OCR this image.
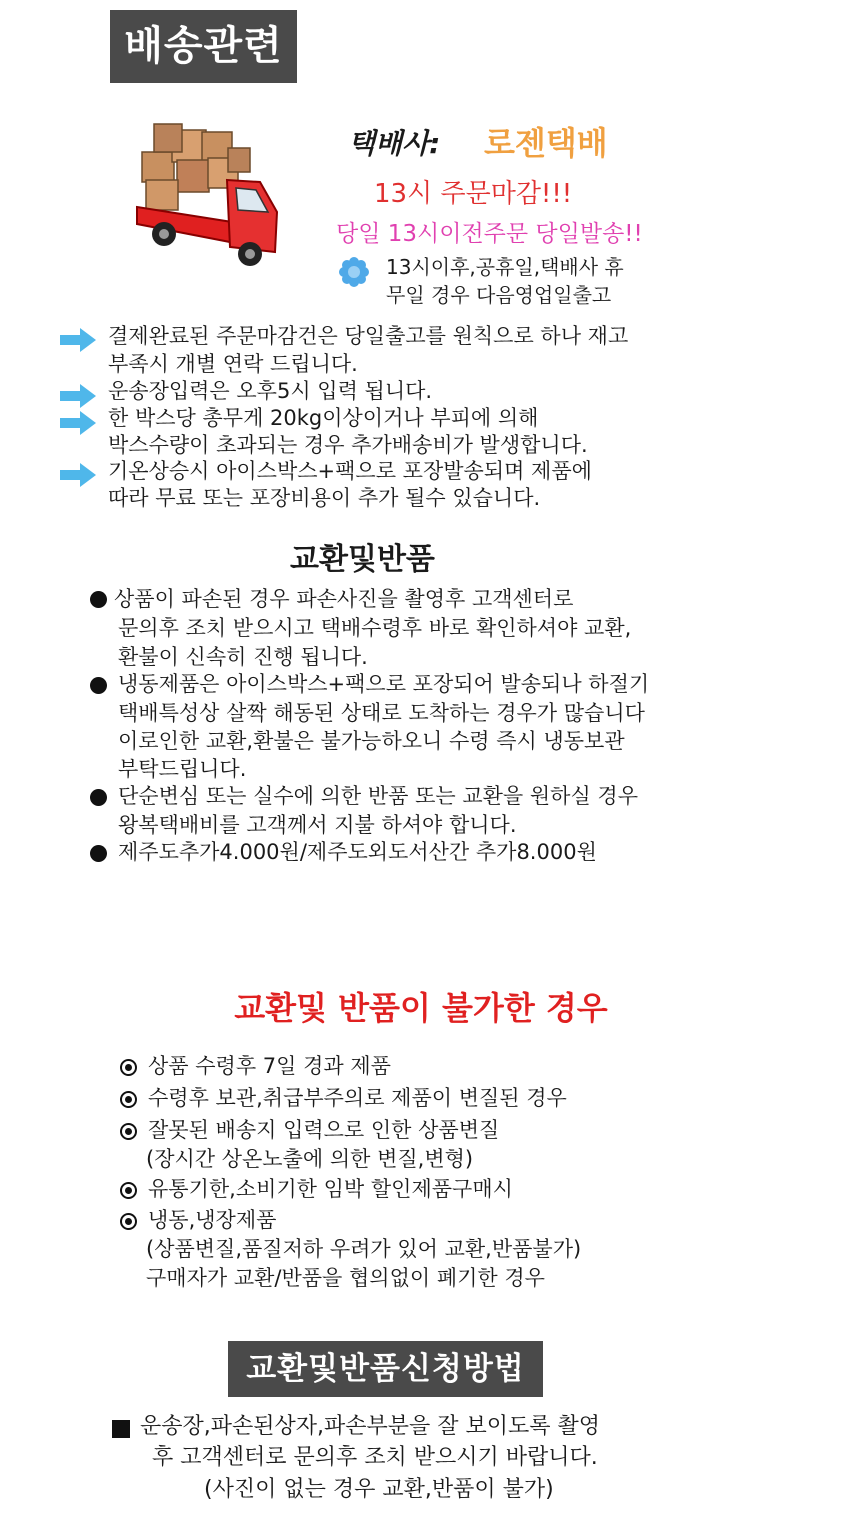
배송관련
택배사: 로젠택배
13시 주문마감!!!
당일 13시이전주문 당일발송!!
13시이후,공휴일,택배사 휴
무일 경우 다음영업일출고
결제완료된 주문마감건은 당일출고를 원칙으로 하나 재고
부족시 개별 연락 드립니다.
운송장입력은 오후5시 입력 됩니다.
한 박스당 총무게 20kg이상이거나 부피에 의해
박스수량이 초과되는 경우 추가배송비가 발생합니다.
기온상승시 아이스박스+팩으로 포장발송되며 제품에
따라 무료 또는 포장비용이 추가 될수 있습니다.
교환및반품
상품이 파손된 경우 파손사진을 촬영후 고객센터로
문의후 조치 받으시고 택배수령후 바로 확인하셔야 교환,
환불이 신속히 진행 됩니다.
냉동제품은 아이스박스+팩으로 포장되어 발송되나 하절기
택배특성상 살짝 해동된 상태로 도착하는 경우가 많습니다
이로인한 교환,환불은 불가능하오니 수령 즉시 냉동보관
부탁드립니다.
단순변심 또는 실수에 의한 반품 또는 교환을 원하실 경우
왕복택배비를 고객께서 지불 하셔야 합니다.
제주도추가4.000원/제주도외도서산간 추가8.000원
교환및 반품이 불가한 경우
상품 수령후 7일 경과 제품
수령후 보관,취급부주의로 제품이 변질된 경우
잘못된 배송지 입력으로 인한 상품변질
(장시간 상온노출에 의한 변질,변형)
유통기한,소비기한 임박 할인제품구매시
냉동,냉장제품
(상품변질,품질저하 우려가 있어 교환,반품불가)
구매자가 교환/반품을 협의없이 폐기한 경우
교환및반품신청방법
운송장,파손된상자,파손부분을 잘 보이도록 촬영
후 고객센터로 문의후 조치 받으시기 바랍니다.
(사진이 없는 경우 교환,반품이 불가)
